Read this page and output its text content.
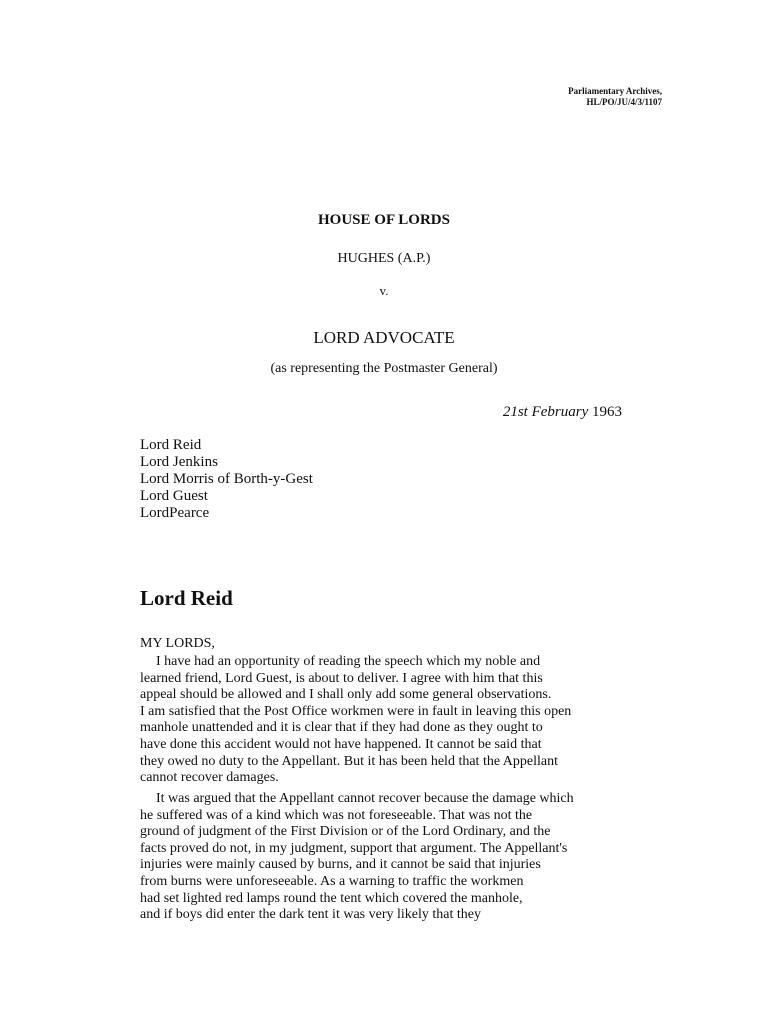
Parliamentary Archives,
HL/PO/JU/4/3/1107
HOUSE OF LORDS
HUGHES (A.P.)
v.
LORD ADVOCATE
(as representing the Postmaster General)
21st February 1963
Lord Reid
Lord Jenkins
Lord Morris of Borth-y-Gest
Lord Guest
LordPearce
Lord Reid
MY LORDS,
I have had an opportunity of reading the speech which my noble and
learned friend, Lord Guest, is about to deliver. I agree with him that this
appeal should be allowed and I shall only add some general observations.
I am satisfied that the Post Office workmen were in fault in leaving this open
manhole unattended and it is clear that if they had done as they ought to
have done this accident would not have happened. It cannot be said that
they owed no duty to the Appellant. But it has been held that the Appellant
cannot recover damages.
It was argued that the Appellant cannot recover because the damage which
he suffered was of a kind which was not foreseeable. That was not the
ground of judgment of the First Division or of the Lord Ordinary, and the
facts proved do not, in my judgment, support that argument. The Appellant's
injuries were mainly caused by burns, and it cannot be said that injuries
from burns were unforeseeable. As a warning to traffic the workmen
had set lighted red lamps round the tent which covered the manhole,
and if boys did enter the dark tent it was very likely that they
